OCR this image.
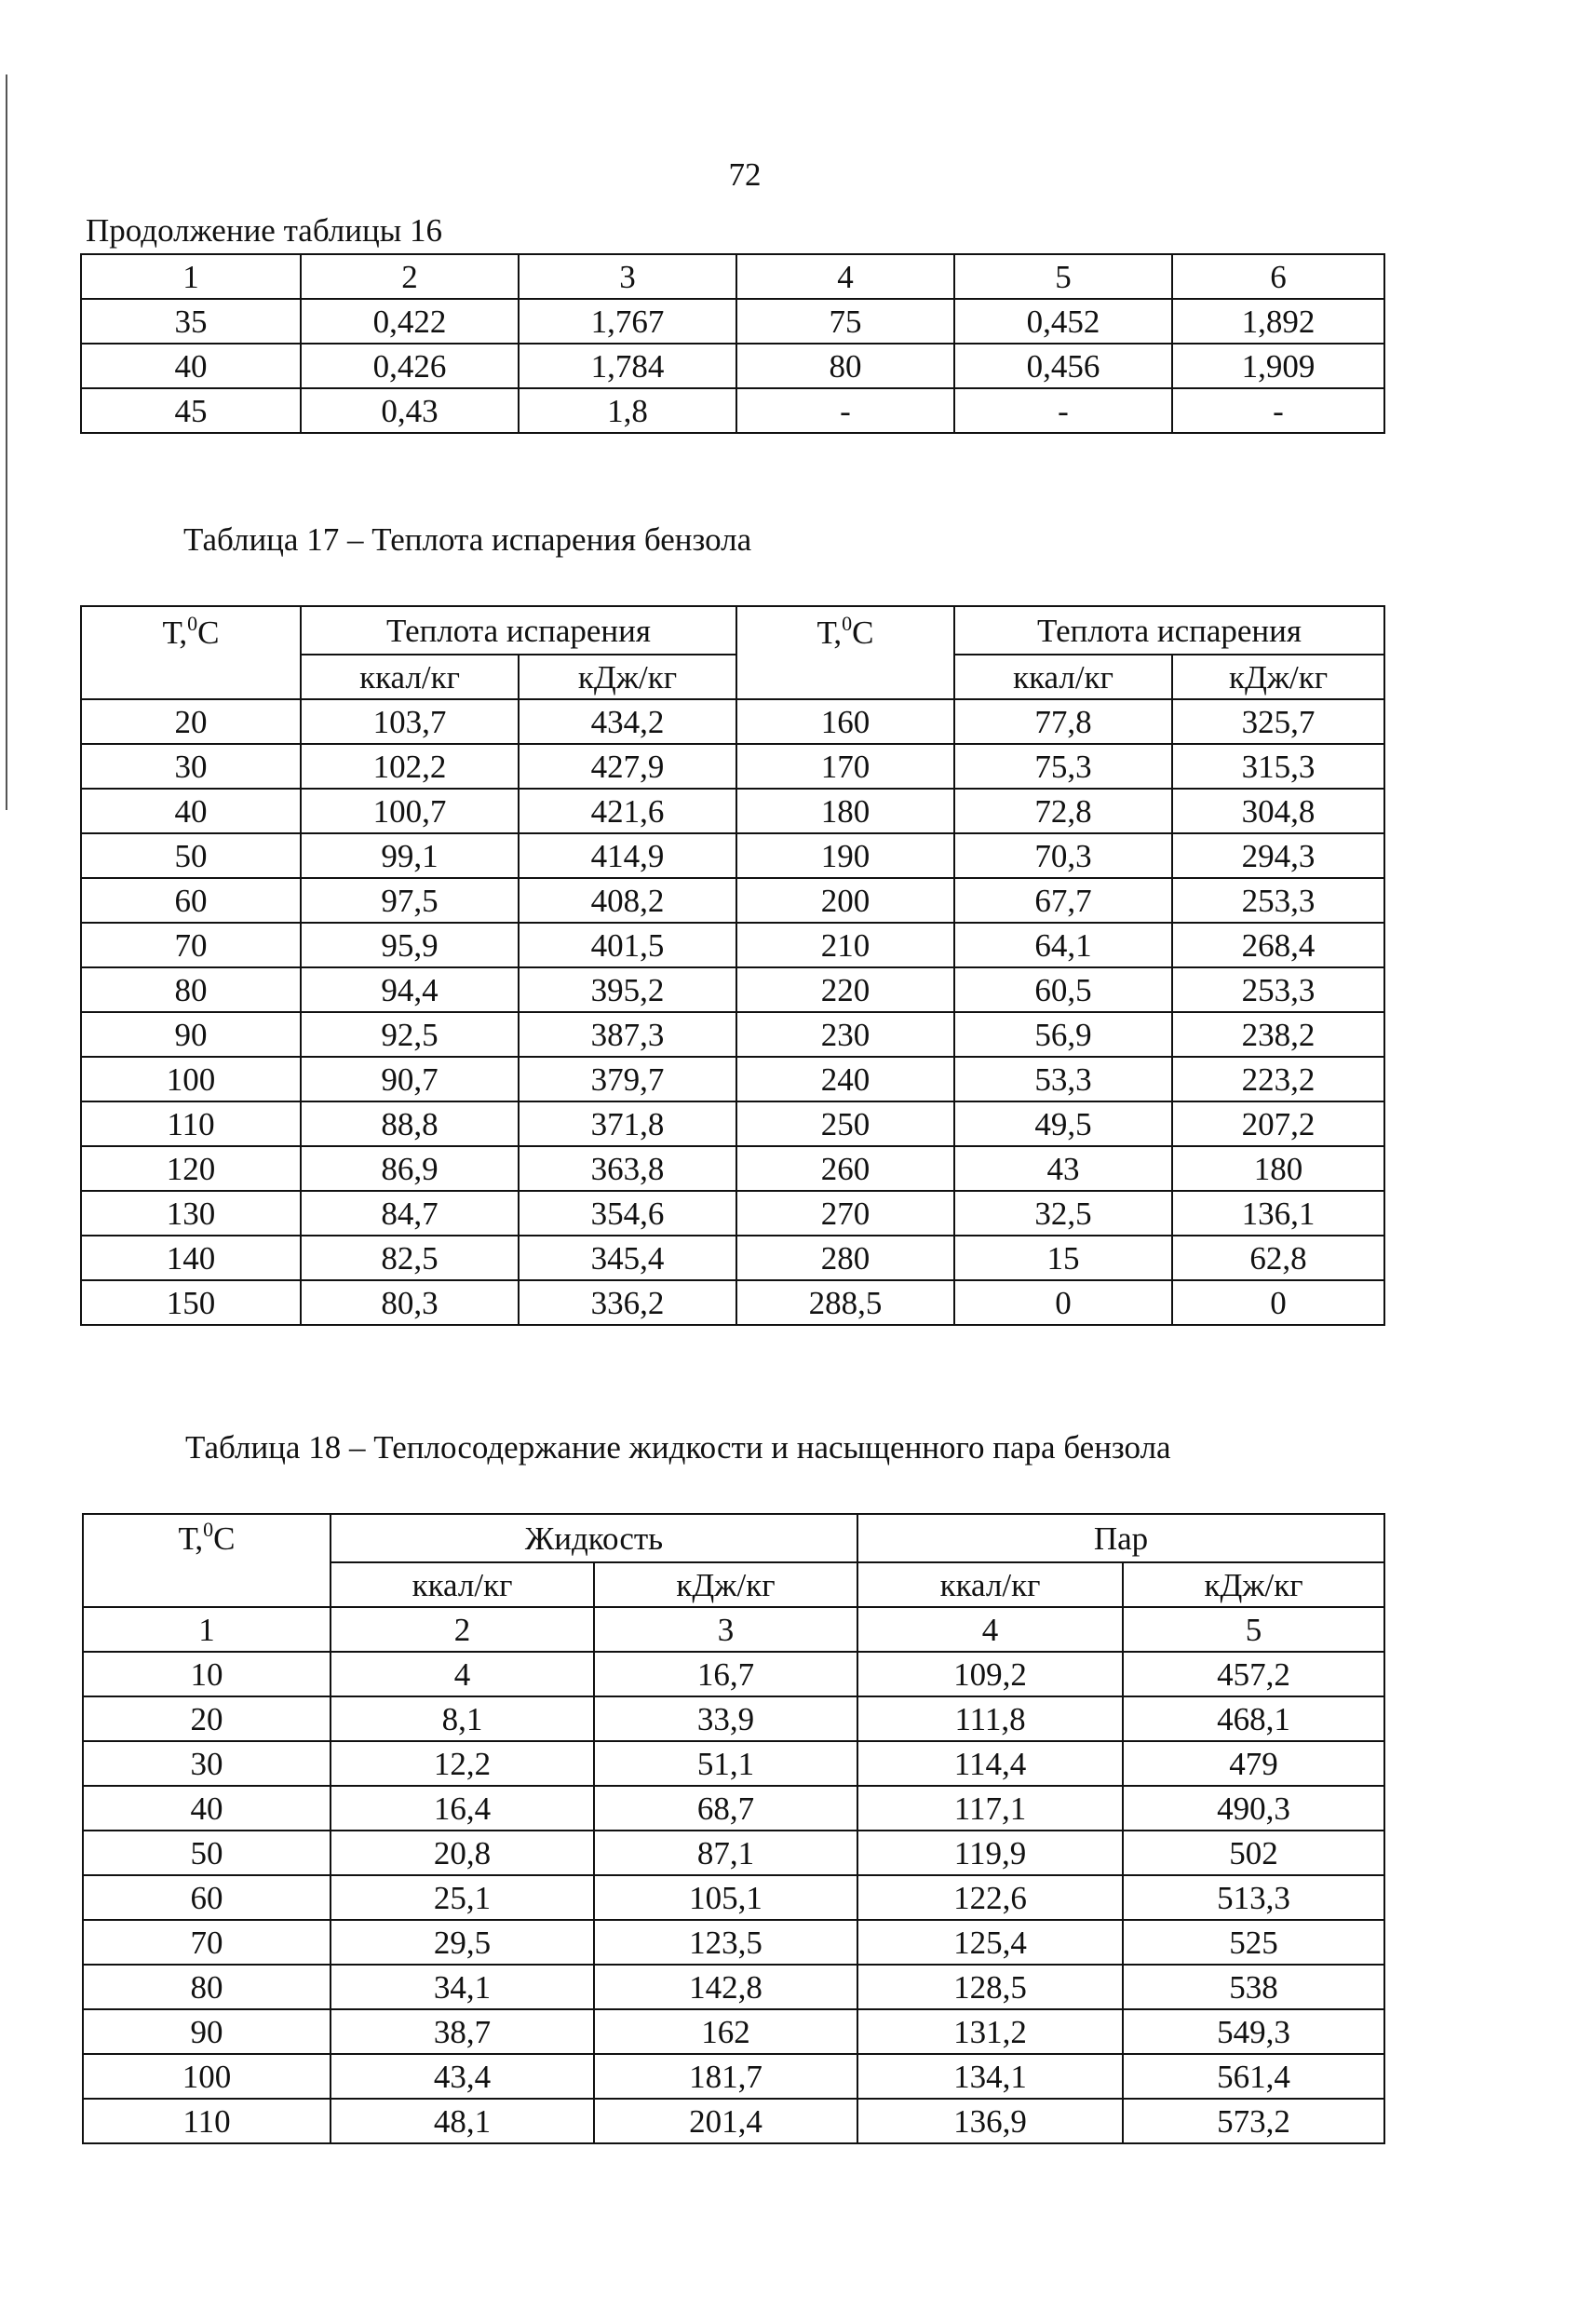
72
Продолжение таблицы 16
1	2	3	4	5	6
35	0,422	1,767	75	0,452	1,892
40	0,426	1,784	80	0,456	1,909
45	0,43	1,8	-	-	-
Таблица 17 – Теплота испарения бензола
Т,$^0$С	Теплота испарения		Т,$^0$С	Теплота испарения	
	ккал/кг	кДж/кг		ккал/кг	кДж/кг
20	103,7	434,2	160	77,8	325,7
30	102,2	427,9	170	75,3	315,3
40	100,7	421,6	180	72,8	304,8
50	99,1	414,9	190	70,3	294,3
60	97,5	408,2	200	67,7	253,3
70	95,9	401,5	210	64,1	268,4
80	94,4	395,2	220	60,5	253,3
90	92,5	387,3	230	56,9	238,2
100	90,7	379,7	240	53,3	223,2
110	88,8	371,8	250	49,5	207,2
120	86,9	363,8	260	43	180
130	84,7	354,6	270	32,5	136,1
140	82,5	345,4	280	15	62,8
150	80,3	336,2	288,5	0	0
Таблица 18 – Теплосодержание жидкости и насыщенного пара бензола
Т,$^0$С	Жидкость		Пар	
	ккал/кг	кДж/кг	ккал/кг	кДж/кг
1	2	3	4	5
10	4	16,7	109,2	457,2
20	8,1	33,9	111,8	468,1
30	12,2	51,1	114,4	479
40	16,4	68,7	117,1	490,3
50	20,8	87,1	119,9	502
60	25,1	105,1	122,6	513,3
70	29,5	123,5	125,4	525
80	34,1	142,8	128,5	538
90	38,7	162	131,2	549,3
100	43,4	181,7	134,1	561,4
110	48,1	201,4	136,9	573,2
